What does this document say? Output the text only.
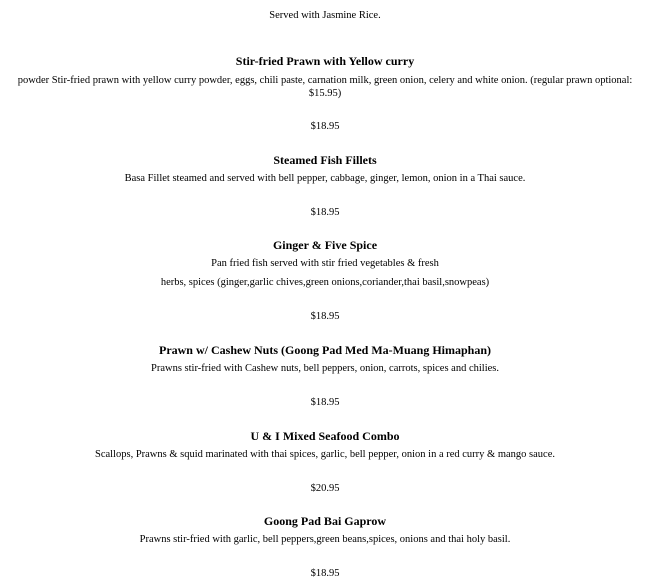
Served with Jasmine Rice.
Stir-fried Prawn with Yellow curry
powder Stir-fried prawn with yellow curry powder, eggs, chili paste, carnation milk, green onion, celery and white onion. (regular prawn optional: $15.95)
$18.95
Steamed Fish Fillets
Basa Fillet steamed and served with bell pepper, cabbage, ginger, lemon, onion in a Thai sauce.
$18.95
Ginger & Five Spice
Pan fried fish served with stir fried vegetables & fresh
herbs, spices (ginger,garlic chives,green onions,coriander,thai basil,snowpeas)
$18.95
Prawn w/ Cashew Nuts (Goong Pad Med Ma-Muang Himaphan)
Prawns stir-fried with Cashew nuts, bell peppers, onion, carrots, spices and chilies.
$18.95
U & I Mixed Seafood Combo
Scallops, Prawns & squid marinated with thai spices, garlic, bell pepper, onion in a red curry & mango sauce.
$20.95
Goong Pad Bai Gaprow
Prawns stir-fried with garlic, bell peppers,green beans,spices, onions and thai holy basil.
$18.95
